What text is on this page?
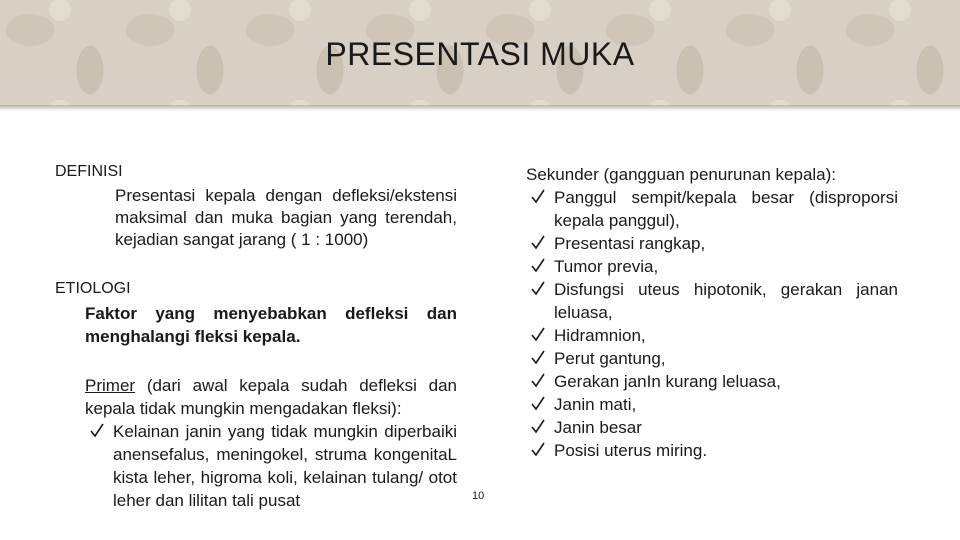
PRESENTASI MUKA
DEFINISI
Presentasi kepala dengan defleksi/ekstensi maksimal dan muka bagian yang terendah, kejadian sangat jarang ( 1 : 1000)
ETIOLOGI
Faktor yang menyebabkan defleksi dan menghalangi fleksi kepala.
Primer (dari awal kepala sudah defleksi dan kepala tidak mungkin mengadakan fleksi):
Kelainan janin yang tidak mungkin diperbaiki anensefalus, meningokel, struma kongenitaL kista leher, higroma koli, kelainan tulang/ otot leher dan lilitan tali pusat	10
Sekunder (gangguan penurunan kepala):
Panggul sempit/kepala besar (disproporsi kepala panggul),
Presentasi rangkap,
Tumor previa,
Disfungsi uteus hipotonik, gerakan janan leluasa,
Hidramnion,
Perut gantung,
Gerakan janIn kurang leluasa,
Janin mati,
Janin besar
Posisi uterus miring.
